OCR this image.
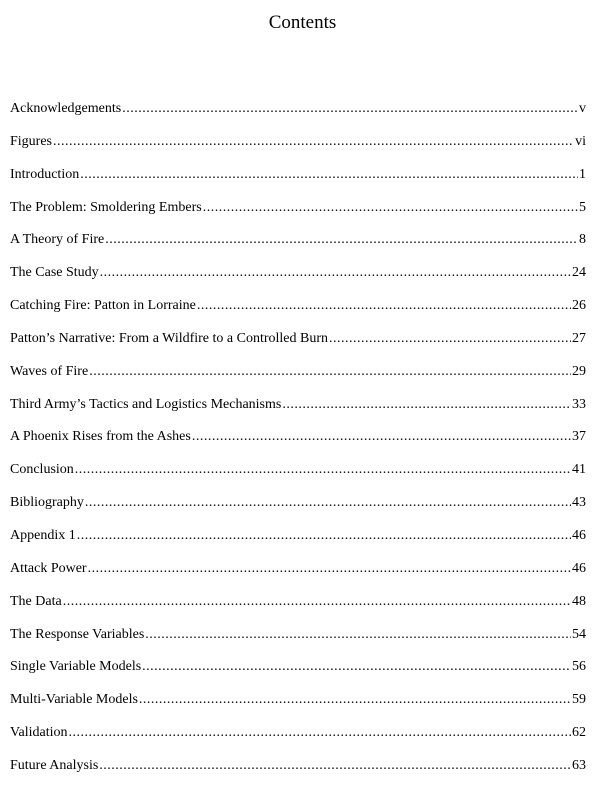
Contents
Acknowledgements .....	v
Figures .....	vi
Introduction .....	1
The Problem: Smoldering Embers .....	5
A Theory of Fire .....	8
The Case Study .....	24
Catching Fire: Patton in Lorraine .....	26
Patton’s Narrative: From a Wildfire to a Controlled Burn .....	27
Waves of Fire .....	29
Third Army’s Tactics and Logistics Mechanisms .....	33
A Phoenix Rises from the Ashes .....	37
Conclusion .....	41
Bibliography .....	43
Appendix 1 .....	46
Attack Power .....	46
The Data .....	48
The Response Variables .....	54
Single Variable Models .....	56
Multi-Variable Models .....	59
Validation .....	62
Future Analysis .....	63
